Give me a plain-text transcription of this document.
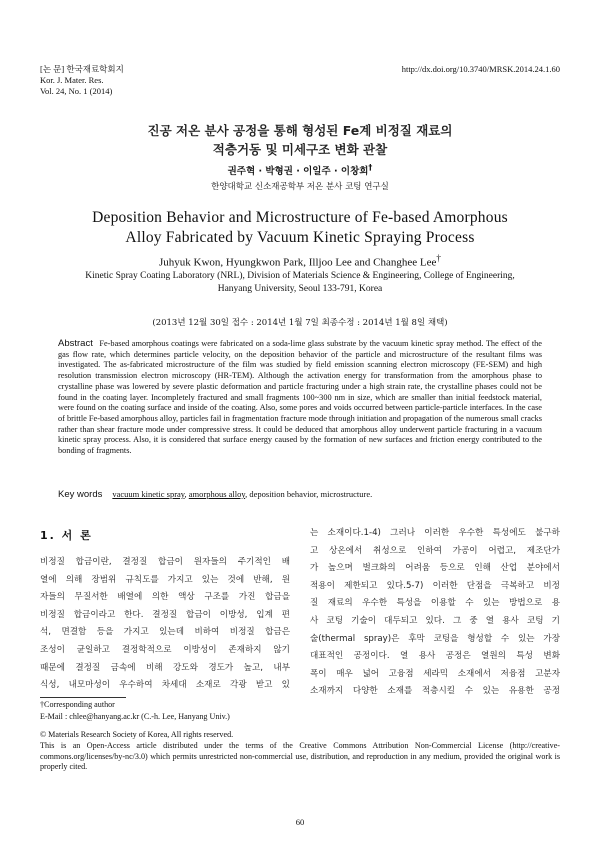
[논 문] 한국재료학회지
Kor. J. Mater. Res.
Vol. 24, No. 1 (2014)
http://dx.doi.org/10.3740/MRSK.2014.24.1.60
진공 저온 분사 공정을 통해 형성된 Fe계 비정질 재료의
적층거동 및 미세구조 변화 관찰
권주혁 · 박형권 · 이일주 · 이창희†
한양대학교 신소재공학부 저온 분사 코팅 연구실
Deposition Behavior and Microstructure of Fe-based Amorphous
Alloy Fabricated by Vacuum Kinetic Spraying Process
Juhyuk Kwon, Hyungkwon Park, Illjoo Lee and Changhee Lee†
Kinetic Spray Coating Laboratory (NRL), Division of Materials Science & Engineering, College of Engineering, Hanyang University, Seoul 133-791, Korea
(2013년 12월 30일 접수 : 2014년 1월 7일 최종수정 : 2014년 1월 8일 채택)
Abstract Fe-based amorphous coatings were fabricated on a soda-lime glass substrate by the vacuum kinetic spray method. The effect of the gas flow rate, which determines particle velocity, on the deposition behavior of the particle and microstructure of the resultant films was investigated. The as-fabricated microstructure of the film was studied by field emission scanning electron microscopy (FE-SEM) and high resolution transmission electron microscopy (HR-TEM). Although the activation energy for transformation from the amorphous phase to crystalline phase was lowered by severe plastic deformation and particle fracturing under a high strain rate, the crystalline phases could not be found in the coating layer. Incompletely fractured and small fragments 100~300 nm in size, which are smaller than initial feedstock material, were found on the coating surface and inside of the coating. Also, some pores and voids occurred between particle-particle interfaces. In the case of brittle Fe-based amorphous alloy, particles fail in fragmentation fracture mode through initiation and propagation of the numerous small cracks rather than shear fracture mode under compressive stress. It could be deduced that amorphous alloy underwent particle fracturing in a vacuum kinetic spray process. Also, it is considered that surface energy caused by the formation of new surfaces and friction energy contributed to the bonding of fragments.
Key words vacuum kinetic spray, amorphous alloy, deposition behavior, microstructure.
1. 서 론
비정질 합금이란, 결정질 합금이 원자들의 주기적인 배
열에 의해 장범위 규칙도를 가지고 있는 것에 반해, 원
자들의 무질서한 배열에 의한 액상 구조를 가진 합금을
비정질 합금이라고 한다. 결정질 합금이 이방성, 입계 편
석, 면결함 등을 가지고 있는데 비하여 비정질 합금은
조성이 균일하고 결정학적으로 이방성이 존재하지 않기
때문에 결정질 금속에 비해 강도와 경도가 높고, 내부
식성, 내모마성이 우수하여 차세대 소재로 각광 받고 있
는 소재이다.1-4) 그러나 이러한 우수한 특성에도 불구하
고 상온에서 취성으로 인하여 가공이 어렵고, 제조단가
가 높으며 벌크화의 어려움 등으로 인해 산업 분야에서
적용이 제한되고 있다.5-7) 이러한 단점을 극복하고 비정
질 재료의 우수한 특성을 이용할 수 있는 방법으로 용
사 코팅 기술이 대두되고 있다. 그 중 열 용사 코팅 기
술(thermal spray)은 후막 코팅을 형성할 수 있는 가장
대표적인 공정이다. 열 용사 공정은 열원의 특성 변화
폭이 매우 넓어 고융점 세라믹 소재에서 저융점 고분자
소재까지 다양한 소재를 적층시킬 수 있는 유용한 공정
†Corresponding author
E-Mail : chlee@hanyang.ac.kr (C.-h. Lee, Hanyang Univ.)
© Materials Research Society of Korea, All rights reserved.
This is an Open-Access article distributed under the terms of the Creative Commons Attribution Non-Commercial License (http://creative-commons.org/licenses/by-nc/3.0) which permits unrestricted non-commercial use, distribution, and reproduction in any medium, provided the original work is properly cited.
60
